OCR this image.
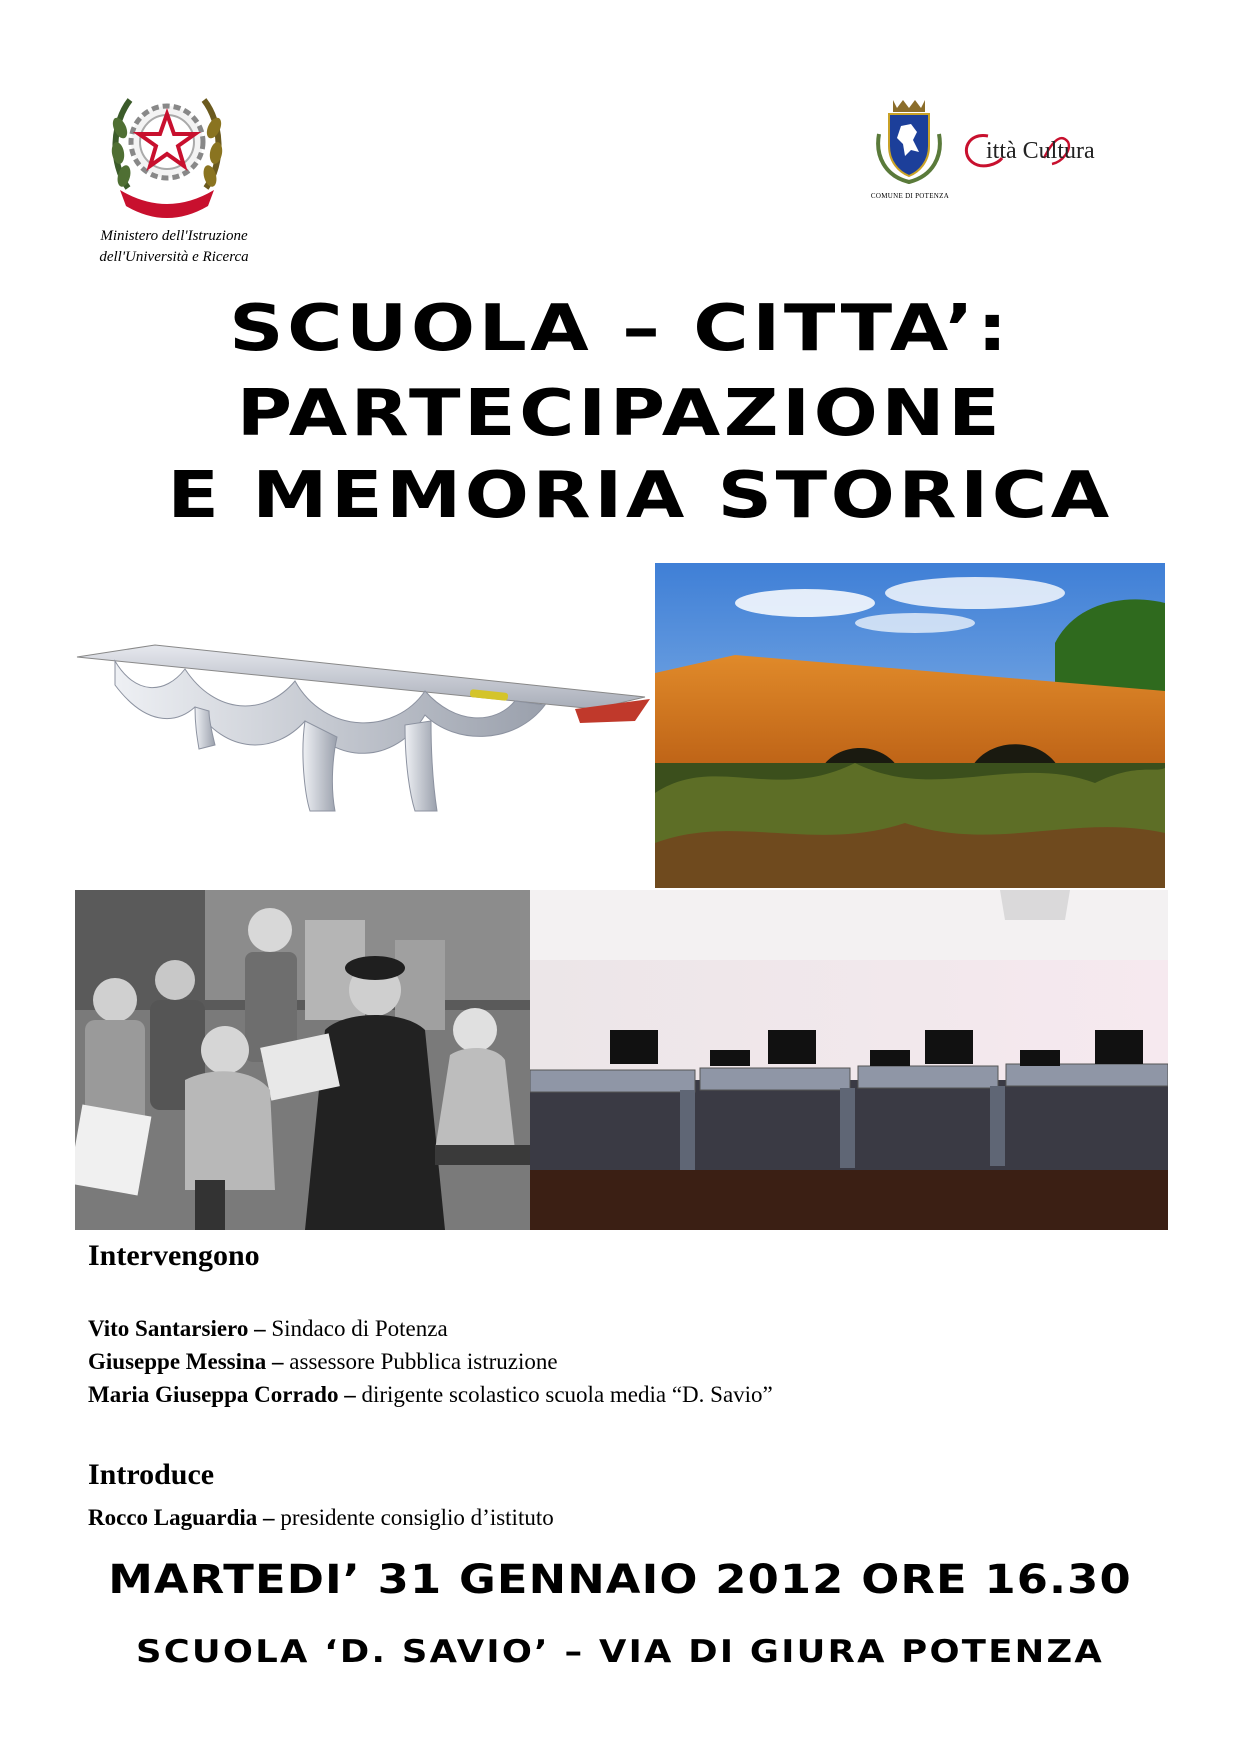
Ministero dell'Istruzione
dell'Università e Ricerca
COMUNE DI POTENZA
ittà Cultura
SCUOLA – CITTA’:
PARTECIPAZIONE
E MEMORIA STORICA
Intervengono
Vito Santarsiero – Sindaco di Potenza
Giuseppe Messina – assessore Pubblica istruzione
Maria Giuseppa Corrado – dirigente scolastico scuola media “D. Savio”
Introduce
Rocco Laguardia – presidente consiglio d’istituto
MARTEDI’ 31 GENNAIO 2012 ORE 16.30
SCUOLA ‘D. SAVIO’ – VIA DI GIURA POTENZA
